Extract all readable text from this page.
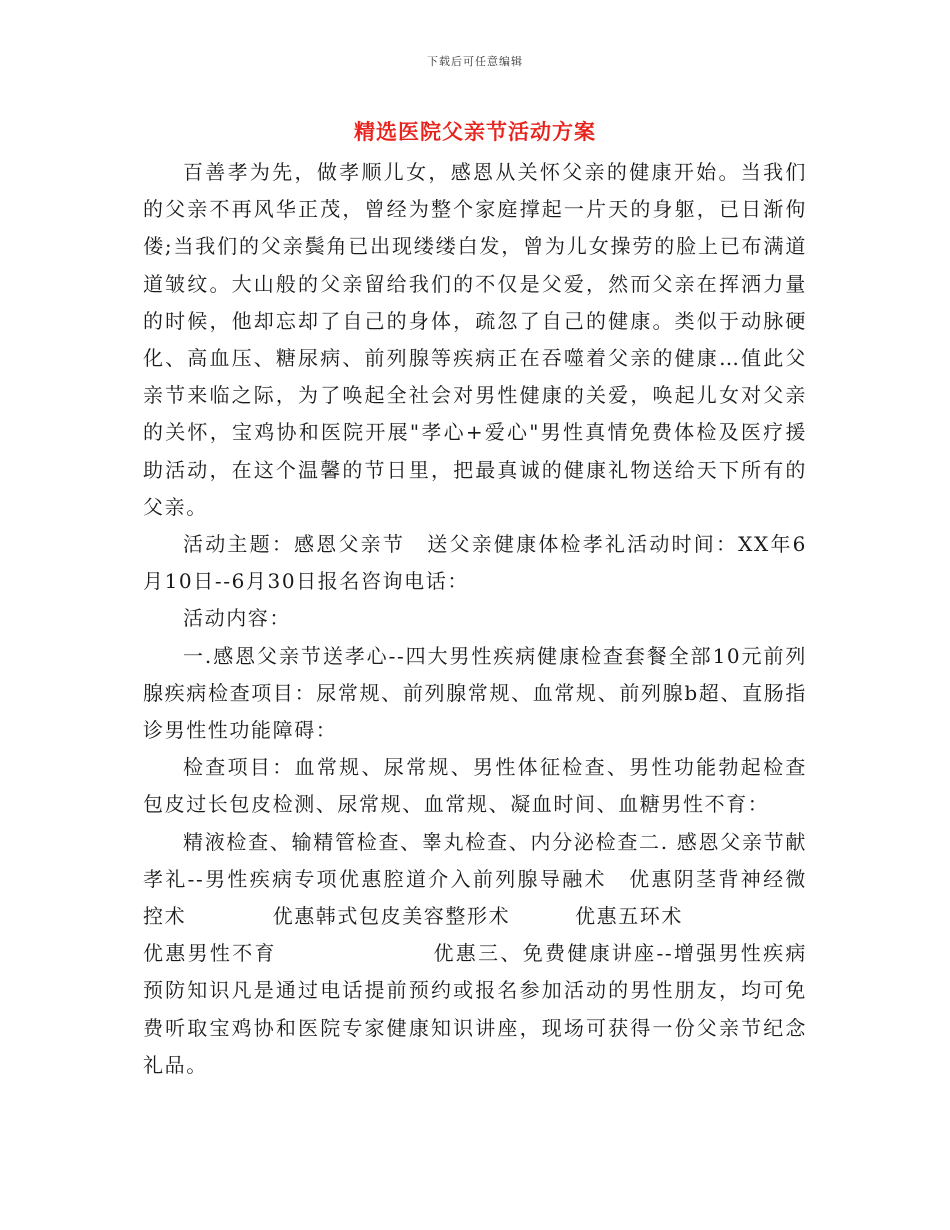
下载后可任意编辑
精选医院父亲节活动方案

百善孝为先，做孝顺儿女，感恩从关怀父亲的健康开始。当我们的父亲不再风华正茂，曾经为整个家庭撑起一片天的身躯，已日渐佝偻;当我们的父亲鬓角已出现缕缕白发，曾为儿女操劳的脸上已布满道道皱纹。大山般的父亲留给我们的不仅是父爱，然而父亲在挥洒力量的时候，他却忘却了自己的身体，疏忽了自己的健康。类似于动脉硬化、高血压、糖尿病、前列腺等疾病正在吞噬着父亲的健康…值此父亲节来临之际，为了唤起全社会对男性健康的关爱，唤起儿女对父亲的关怀，宝鸡协和医院开展"孝心+爱心"男性真情免费体检及医疗援助活动，在这个温馨的节日里，把最真诚的健康礼物送给天下所有的父亲。

活动主题：感恩父亲节　送父亲健康体检孝礼活动时间：XX年6月10日--6月30日报名咨询电话：

活动内容：

一.感恩父亲节送孝心--四大男性疾病健康检查套餐全部10元前列腺疾病检查项目：尿常规、前列腺常规、血常规、前列腺b超、直肠指诊男性性功能障碍：

检查项目：血常规、尿常规、男性体征检查、男性功能勃起检查包皮过长包皮检测、尿常规、血常规、凝血时间、血糖男性不育：

精液检查、输精管检查、睾丸检查、内分泌检查二. 感恩父亲节献孝礼--男性疾病专项优惠腔道介入前列腺导融术　优惠阴茎背神经微控术　　　　优惠韩式包皮美容整形术　　　优惠五环术

优惠男性不育	优惠三、免费健康讲座--增强男性疾病预防知识凡是通过电话提前预约或报名参加活动的男性朋友，均可免费听取宝鸡协和医院专家健康知识讲座，现场可获得一份父亲节纪念礼品。
